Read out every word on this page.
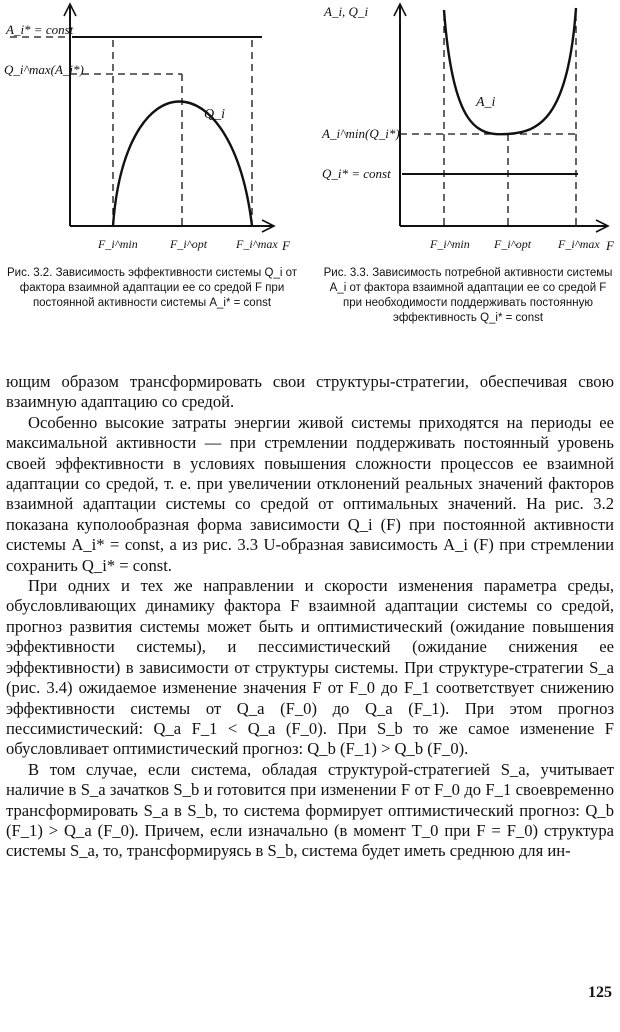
A_i* = const
Q_i^max(A_i*)
Q_i
F_i^min	F_i^opt F_i^max F
A_i, Q_i
A_i
A_i^min(Q_i*)
Q_i* = const
F_i^min F_i^opt F_i^max F
Рис. 3.2. Зависимость эффективности системы Q_i от фактора взаимной адаптации ее со средой F при постоянной активности системы A_i* = const
Рис. 3.3. Зависимость потребной активности системы A_i от фактора взаимной адаптации ее со средой F при необходимости поддерживать постоянную эффективность Q_i* = const

ющим образом трансформировать свои структуры-стратегии, обеспечивая свою взаимную адаптацию со средой.

Особенно высокие затраты энергии живой системы приходятся на периоды ее максимальной активности — при стремлении поддерживать постоянный уровень своей эффективности в условиях повышения сложности процессов ее взаимной адаптации со средой, т. е. при увеличении отклонений реальных значений факторов взаимной адаптации системы со средой от оптимальных значений. На рис. 3.2 показана куполообразная форма зависимости Q_i (F) при постоянной активности системы A_i* = const, а из рис. 3.3 U-образная зависимость A_i (F) при стремлении сохранить Q_i* = const.

При одних и тех же направлении и скорости изменения параметра среды, обусловливающих динамику фактора F взаимной адаптации системы со средой, прогноз развития системы может быть и оптимистический (ожидание повышения эффективности системы), и пессимистический (ожидание снижения ее эффективности) в зависимости от структуры системы. При структуре-стратегии S_a (рис. 3.4) ожидаемое изменение значения F от F_0 до F_1 соответствует снижению эффективности системы от Q_a (F_0) до Q_a (F_1). При этом прогноз пессимистический: Q_a F_1 < Q_a (F_0). При S_b то же самое изменение F обусловливает оптимистический прогноз: Q_b (F_1) > Q_b (F_0).

В том случае, если система, обладая структурой-стратегией S_a, учитывает наличие в S_a зачатков S_b и готовится при изменении F от F_0 до F_1 своевременно трансформировать S_a в S_b, то система формирует оптимистический прогноз: Q_b (F_1) > Q_a (F_0). Причем, если изначально (в момент T_0 при F = F_0) структура системы S_a, то, трансформируясь в S_b, система будет иметь среднюю для ин-

125
